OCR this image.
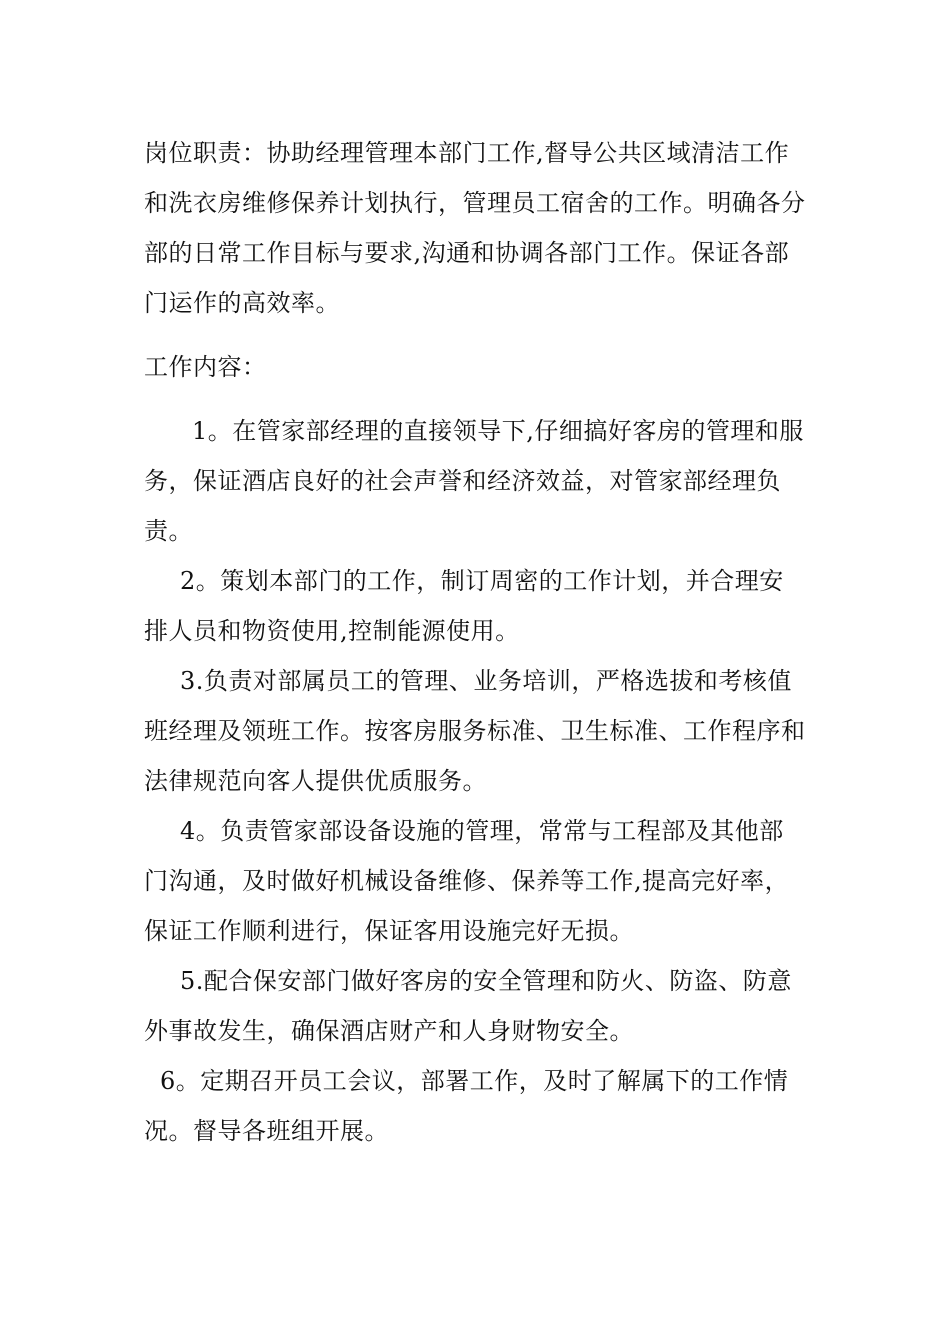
岗位职责：协助经理管理本部门工作,督导公共区域清洁工作和洗衣房维修保养计划执行，管理员工宿舍的工作。明确各分部的日常工作目标与要求,沟通和协调各部门工作。保证各部门运作的高效率。

工作内容：

1。在管家部经理的直接领导下,仔细搞好客房的管理和服务，保证酒店良好的社会声誉和经济效益，对管家部经理负责。

2。策划本部门的工作，制订周密的工作计划，并合理安排人员和物资使用,控制能源使用。

3.负责对部属员工的管理、业务培训，严格选拔和考核值班经理及领班工作。按客房服务标准、卫生标准、工作程序和法律规范向客人提供优质服务。

4。负责管家部设备设施的管理，常常与工程部及其他部门沟通，及时做好机械设备维修、保养等工作,提高完好率，保证工作顺利进行，保证客用设施完好无损。

5.配合保安部门做好客房的安全管理和防火、防盗、防意外事故发生，确保酒店财产和人身财物安全。

6。定期召开员工会议，部署工作，及时了解属下的工作情况。督导各班组开展。
